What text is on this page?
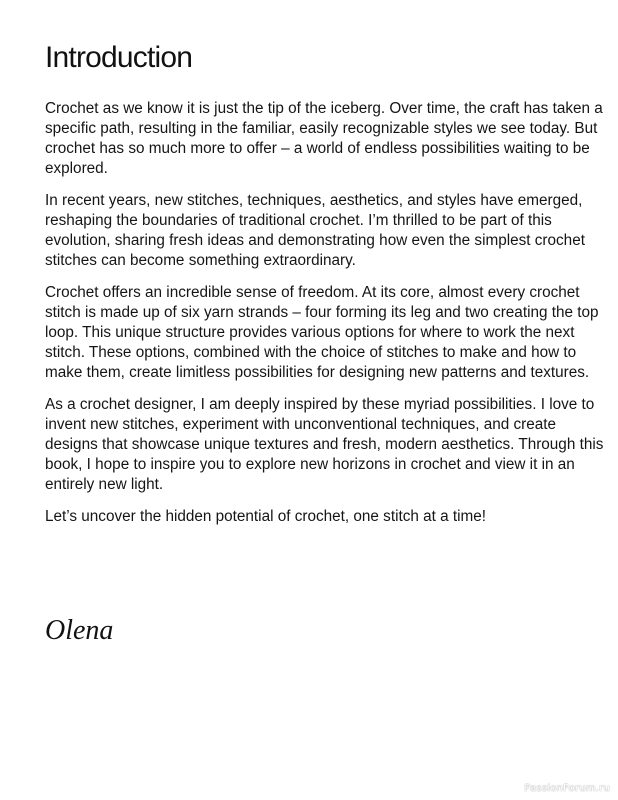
Introduction

Crochet as we know it is just the tip of the iceberg. Over time, the craft has taken a specific path, resulting in the familiar, easily recognizable styles we see today. But crochet has so much more to offer – a world of endless possibilities waiting to be explored.

In recent years, new stitches, techniques, aesthetics, and styles have emerged, reshaping the boundaries of traditional crochet. I’m thrilled to be part of this evolution, sharing fresh ideas and demonstrating how even the simplest crochet stitches can become something extraordinary.

Crochet offers an incredible sense of freedom. At its core, almost every crochet stitch is made up of six yarn strands – four forming its leg and two creating the top loop. This unique structure provides various options for where to work the next stitch. These options, combined with the choice of stitches to make and how to make them, create limitless possibilities for designing new patterns and textures.

As a crochet designer, I am deeply inspired by these myriad possibilities. I love to invent new stitches, experiment with unconventional techniques, and create designs that showcase unique textures and fresh, modern aesthetics. Through this book, I hope to inspire you to explore new horizons in crochet and view it in an entirely new light.

Let’s uncover the hidden potential of crochet, one stitch at a time!

Olena

PassionForum.ru
